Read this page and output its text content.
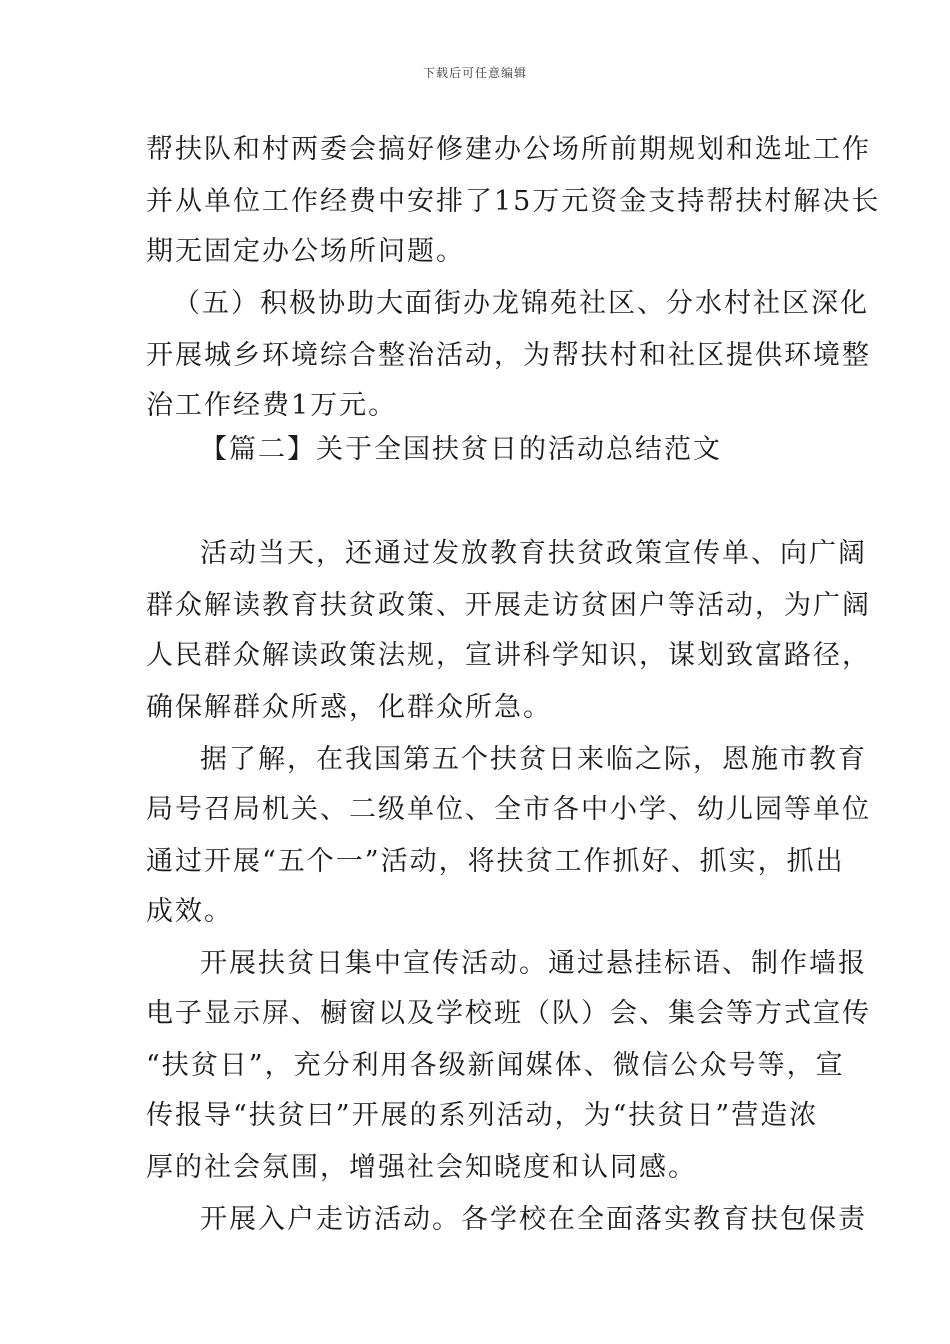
下载后可任意编辑
帮扶队和村两委会搞好修建办公场所前期规划和选址工作
并从单位工作经费中安排了15万元资金支持帮扶村解决长
期无固定办公场所问题。
（五）积极协助大面街办龙锦苑社区、分水村社区深化
开展城乡环境综合整治活动，为帮扶村和社区提供环境整
治工作经费1万元。
【篇二】关于全国扶贫日的活动总结范文
活动当天，还通过发放教育扶贫政策宣传单、向广阔
群众解读教育扶贫政策、开展走访贫困户等活动，为广阔
人民群众解读政策法规，宣讲科学知识，谋划致富路径，
确保解群众所惑，化群众所急。
据了解，在我国第五个扶贫日来临之际，恩施市教育
局号召局机关、二级单位、全市各中小学、幼儿园等单位
通过开展“五个一”活动，将扶贫工作抓好、抓实，抓出
成效。
开展扶贫日集中宣传活动。通过悬挂标语、制作墙报
电子显示屏、橱窗以及学校班（队）会、集会等方式宣传
“扶贫日”，充分利用各级新闻媒体、微信公众号等，宣
传报导“扶贫曰”开展的系列活动，为“扶贫日”营造浓
厚的社会氛围，增强社会知晓度和认同感。
开展入户走访活动。各学校在全面落实教育扶包保责
